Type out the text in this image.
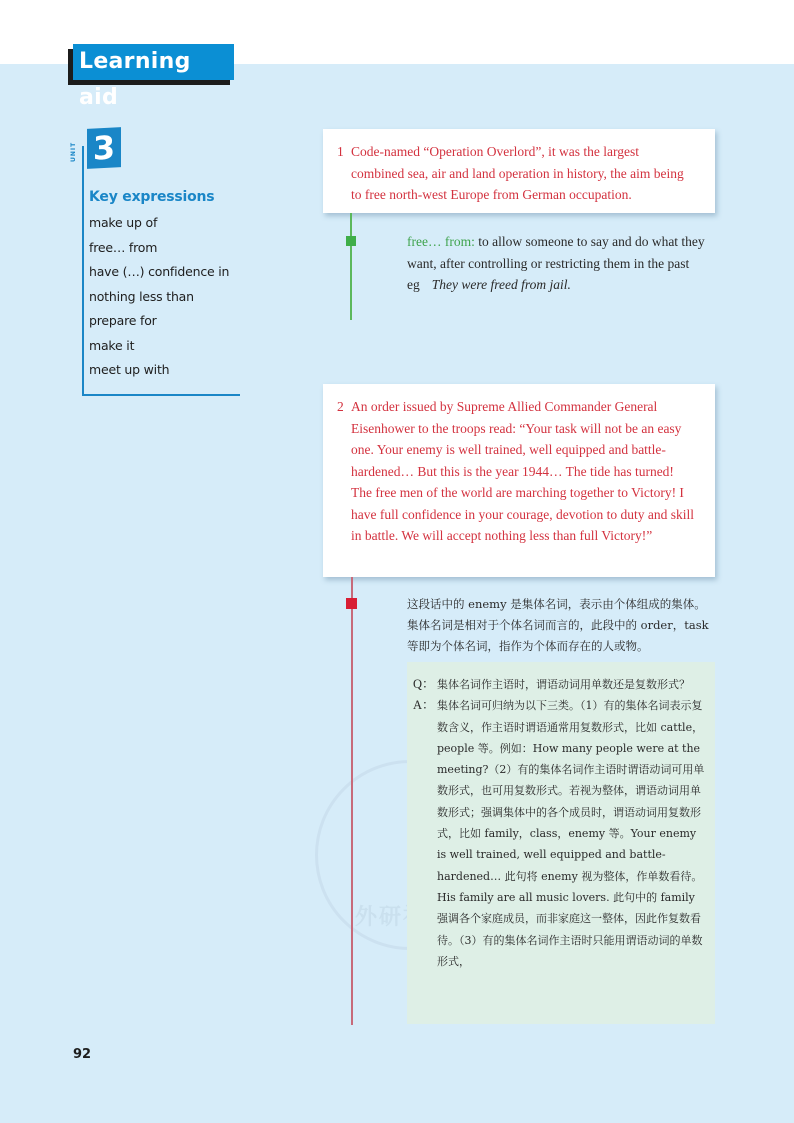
Learning aid
UNIT 3
Key expressions
make up of
free… from
have (…) confidence in
nothing less than
prepare for
make it
meet up with
1 Code-named “Operation Overlord”, it was the largest combined sea, air and land operation in history, the aim being to free north-west Europe from German occupation.
free… from: to allow someone to say and do what they want, after controlling or restricting them in the past
eg They were freed from jail.
2 An order issued by Supreme Allied Commander General Eisenhower to the troops read: “Your task will not be an easy one. Your enemy is well trained, well equipped and battle-hardened… But this is the year 1944… The tide has turned! The free men of the world are marching together to Victory! I have full confidence in your courage, devotion to duty and skill in battle. We will accept nothing less than full Victory!”
这段话中的 enemy 是集体名词，表示由个体组成的集体。集体名词是相对于个体名词而言的，此段中的 order，task 等即为个体名词，指作为个体而存在的人或物。
Q： 集体名词作主语时，谓语动词用单数还是复数形式？
A： 集体名词可归纳为以下三类。（1）有的集体名词表示复数含义，作主语时谓语通常用复数形式，比如 cattle，people 等。例如：How many people were at the meeting?（2）有的集体名词作主语时谓语动词可用单数形式，也可用复数形式。若视为整体，谓语动词用单数形式；强调集体中的各个成员时，谓语动词用复数形式，比如 family，class，enemy 等。Your enemy is well trained, well equipped and battle-hardened… 此句将 enemy 视为整体，作单数看待。His family are all music lovers. 此句中的 family 强调各个家庭成员，而非家庭这一整体，因此作复数看待。（3）有的集体名词作主语时只能用谓语动词的单数形式，
92
